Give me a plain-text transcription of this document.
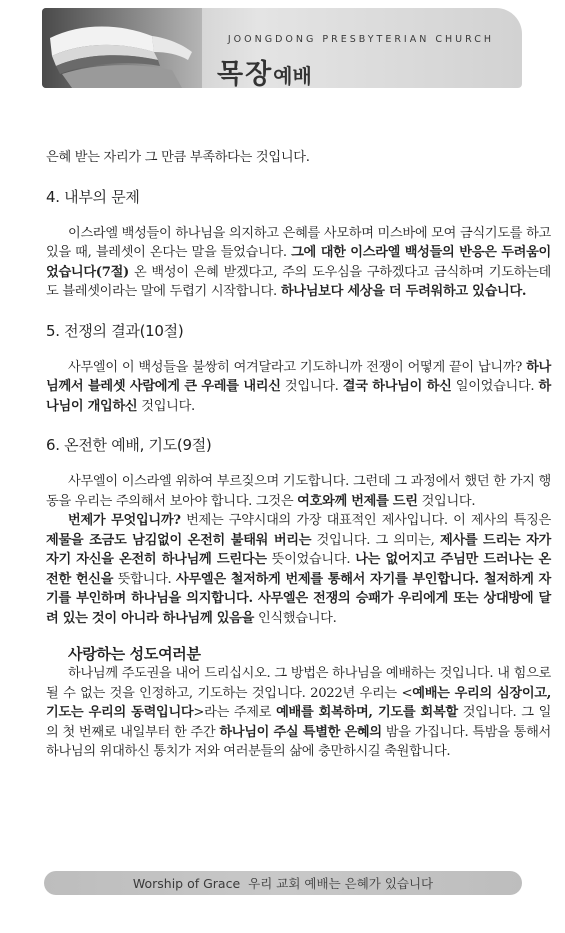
JOONGDONG PRESBYTERIAN CHURCH
목장예배

은혜 받는 자리가 그 만큼 부족하다는 것입니다.

4. 내부의 문제

이스라엘 백성들이 하나님을 의지하고 은혜를 사모하며 미스바에 모여 금식기도를 하고 있을 때, 블레셋이 온다는 말을 들었습니다. 그에 대한 이스라엘 백성들의 반응은 두려움이었습니다(7절) 온 백성이 은혜 받겠다고, 주의 도우심을 구하겠다고 금식하며 기도하는데도 블레셋이라는 말에 두렵기 시작합니다. 하나님보다 세상을 더 두려워하고 있습니다.

5. 전쟁의 결과(10절)

사무엘이 이 백성들을 불쌍히 여겨달라고 기도하니까 전쟁이 어떻게 끝이 납니까? 하나님께서 블레셋 사람에게 큰 우레를 내리신 것입니다. 결국 하나님이 하신 일이었습니다. 하나님이 개입하신 것입니다.

6. 온전한 예배, 기도(9절)

사무엘이 이스라엘 위하여 부르짖으며 기도합니다. 그런데 그 과정에서 했던 한 가지 행동을 우리는 주의해서 보아야 합니다. 그것은 여호와께 번제를 드린 것입니다.

번제가 무엇입니까? 번제는 구약시대의 가장 대표적인 제사입니다. 이 제사의 특징은 제물을 조금도 남김없이 온전히 불태워 버리는 것입니다. 그 의미는, 제사를 드리는 자가 자기 자신을 온전히 하나님께 드린다는 뜻이었습니다. 나는 없어지고 주님만 드러나는 온전한 헌신을 뜻합니다. 사무엘은 철저하게 번제를 통해서 자기를 부인합니다. 철저하게 자기를 부인하며 하나님을 의지합니다. 사무엘은 전쟁의 승패가 우리에게 또는 상대방에 달려 있는 것이 아니라 하나님께 있음을 인식했습니다.

사랑하는 성도여러분

하나님께 주도권을 내어 드리십시오. 그 방법은 하나님을 예배하는 것입니다. 내 힘으로 될 수 없는 것을 인정하고, 기도하는 것입니다. 2022년 우리는 <예배는 우리의 심장이고, 기도는 우리의 동력입니다>라는 주제로 예배를 회복하며, 기도를 회복할 것입니다. 그 일의 첫 번째로 내일부터 한 주간 하나님이 주실 특별한 은혜의 밤을 가집니다. 특밤을 통해서 하나님의 위대하신 통치가 저와 여러분들의 삶에 충만하시길 축원합니다.

Worship of Grace 우리 교회 예배는 은혜가 있습니다
